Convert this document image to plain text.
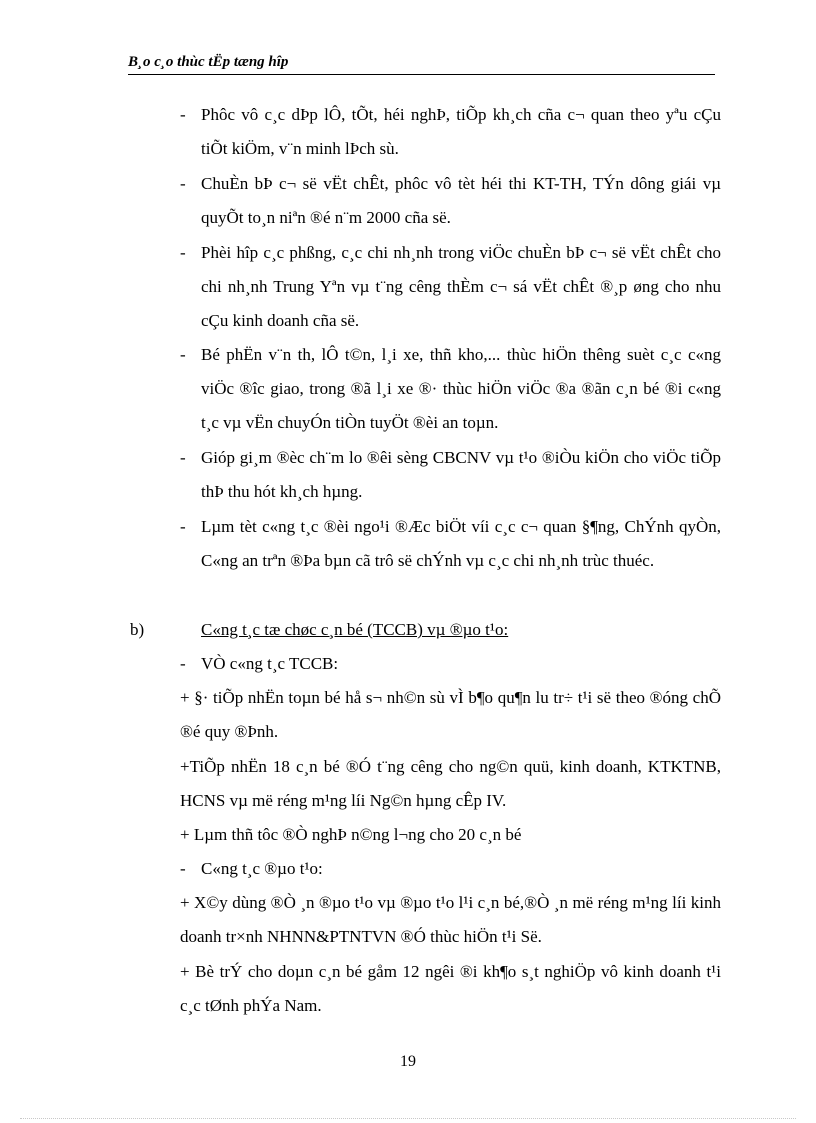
B¸o c¸o thùc tËp tæng hîp
- Phôc vô c¸c dÞp lÔ, tÕt, héi nghÞ, tiÕp kh¸ch cña c¬ quan theo yªu cÇu tiÕt kiÖm, v¨n minh lÞch sù.
- ChuÈn bÞ c¬ së vËt chÊt, phôc vô tèt héi thi KT-TH, TÝn dông giái vµ quyÕt to¸n niªn ®é n¨m 2000 cña së.
- Phèi hîp c¸c phßng, c¸c chi nh¸nh trong viÖc chuÈn bÞ c¬ së vËt chÊt cho chi nh¸nh Trung Yªn vµ t¨ng cêng thÈm c¬ sá vËt chÊt ®¸p øng cho nhu cÇu kinh doanh cña së.
- Bé phËn v¨n th, lÔ t©n, l¸i xe, thñ kho,... thùc hiÖn thêng suèt c¸c c«ng viÖc ®îc giao, trong ®ã l¸i xe ®· thùc hiÖn viÖc ®a ®ãn c¸n bé ®i c«ng t¸c vµ vËn chuyÓn tiÒn tuyÖt ®èi an toµn.
- Gióp gi¸m ®èc ch¨m lo ®êi sèng CBCNV vµ t¹o ®iÒu kiÖn cho viÖc tiÕp thÞ thu hót kh¸ch hµng.
- Lµm tèt c«ng t¸c ®èi ngo¹i ®Æc biÖt víi c¸c c¬ quan §¶ng, ChÝnh qyÒn, C«ng an trªn ®Þa bµn cã trô së chÝnh vµ c¸c chi nh¸nh trùc thuéc.
b)	C«ng t¸c tæ chøc c¸n bé (TCCB) vµ ®µo t¹o:
- VÒ c«ng t¸c TCCB:
+ §· tiÕp nhËn toµn bé hå s¬ nh©n sù vÌ b¶o qu¶n lu tr÷ t¹i së theo ®óng chÕ ®é quy ®Þnh.
+TiÕp nhËn 18 c¸n bé ®Ó t¨ng cêng cho ng©n quü, kinh doanh, KTKTNB, HCNS vµ më réng m¹ng líi Ng©n hµng cÊp IV.
+ Lµm thñ tôc ®Ò nghÞ n©ng l¬ng cho 20 c¸n bé
- C«ng t¸c ®µo t¹o:
+ X©y dùng ®Ò ¸n ®µo t¹o vµ ®µo t¹o l¹i c¸n bé,®Ò ¸n më réng m¹ng líi kinh doanh tr×nh NHNN&PTNTVN ®Ó thùc hiÖn t¹i Së.
+ Bè trÝ cho doµn c¸n bé gåm 12 ngêi ®i kh¶o s¸t nghiÖp vô kinh doanh t¹i c¸c tØnh phÝa Nam.
19
